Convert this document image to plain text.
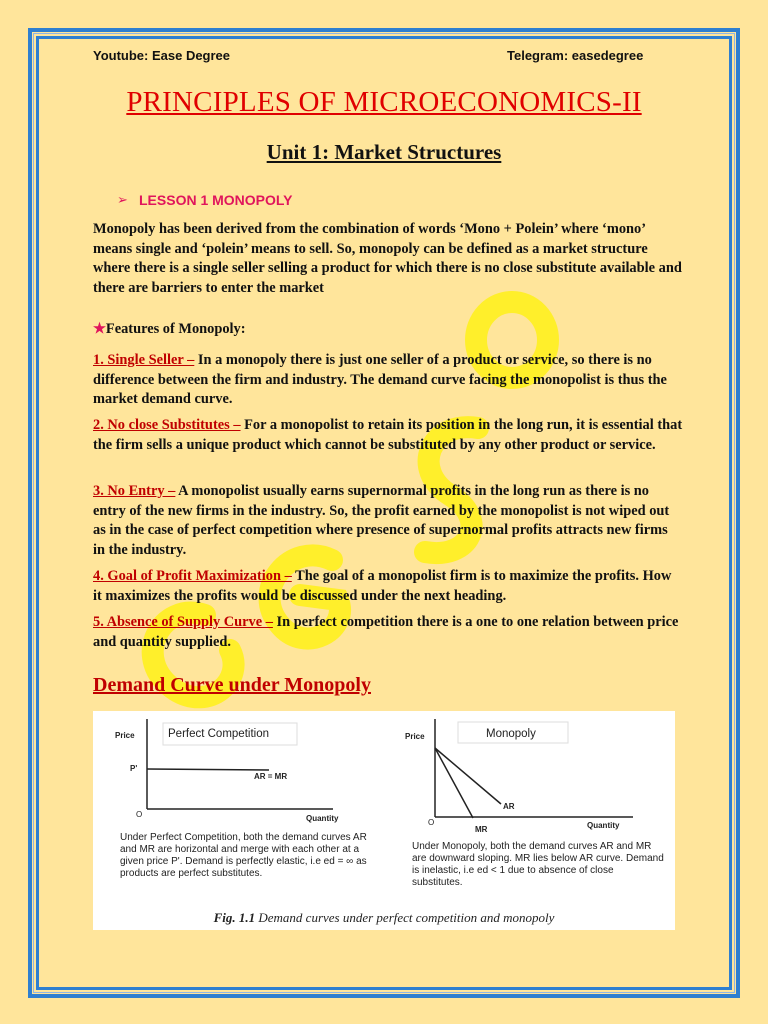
Youtube: Ease Degree	Telegram: easedegree
PRINCIPLES OF MICROECONOMICS-II
Unit 1: Market Structures
➢ LESSON 1 MONOPOLY

Monopoly has been derived from the combination of words ‘Mono + Polein’ where ‘mono’ means single and ‘polein’ means to sell. So, monopoly can be defined as a market structure where there is a single seller selling a product for which there is no close substitute available and there are barriers to enter the market

★Features of Monopoly:

1. Single Seller – In a monopoly there is just one seller of a product or service, so there is no difference between the firm and industry. The demand curve facing the monopolist is thus the market demand curve.

2. No close Substitutes – For a monopolist to retain its position in the long run, it is essential that the firm sells a unique product which cannot be substituted by any other product or service.

3. No Entry – A monopolist usually earns supernormal profits in the long run as there is no entry of the new firms in the industry. So, the profit earned by the monopolist is not wiped out as in the case of perfect competition where presence of supernormal profits attracts new firms in the industry.

4. Goal of Profit Maximization – The goal of a monopolist firm is to maximize the profits. How it maximizes the profits would be discussed under the next heading.

5. Absence of Supply Curve – In perfect competition there is a one to one relation between price and quantity supplied.

Demand Curve under Monopoly
Perfect Competition
Price
P'
AR = MR
O	Quantity
Monopoly
Price
AR
MR
O	Quantity
Under Perfect Competition, both the demand curves AR and MR are horizontal and merge with each other at a given price P'. Demand is perfectly elastic, i.e ed = ∞ as products are perfect substitutes.
Under Monopoly, both the demand curves AR and MR are downward sloping. MR lies below AR curve. Demand is inelastic, i.e ed < 1 due to absence of close substitutes.
Fig. 1.1 Demand curves under perfect competition and monopoly
